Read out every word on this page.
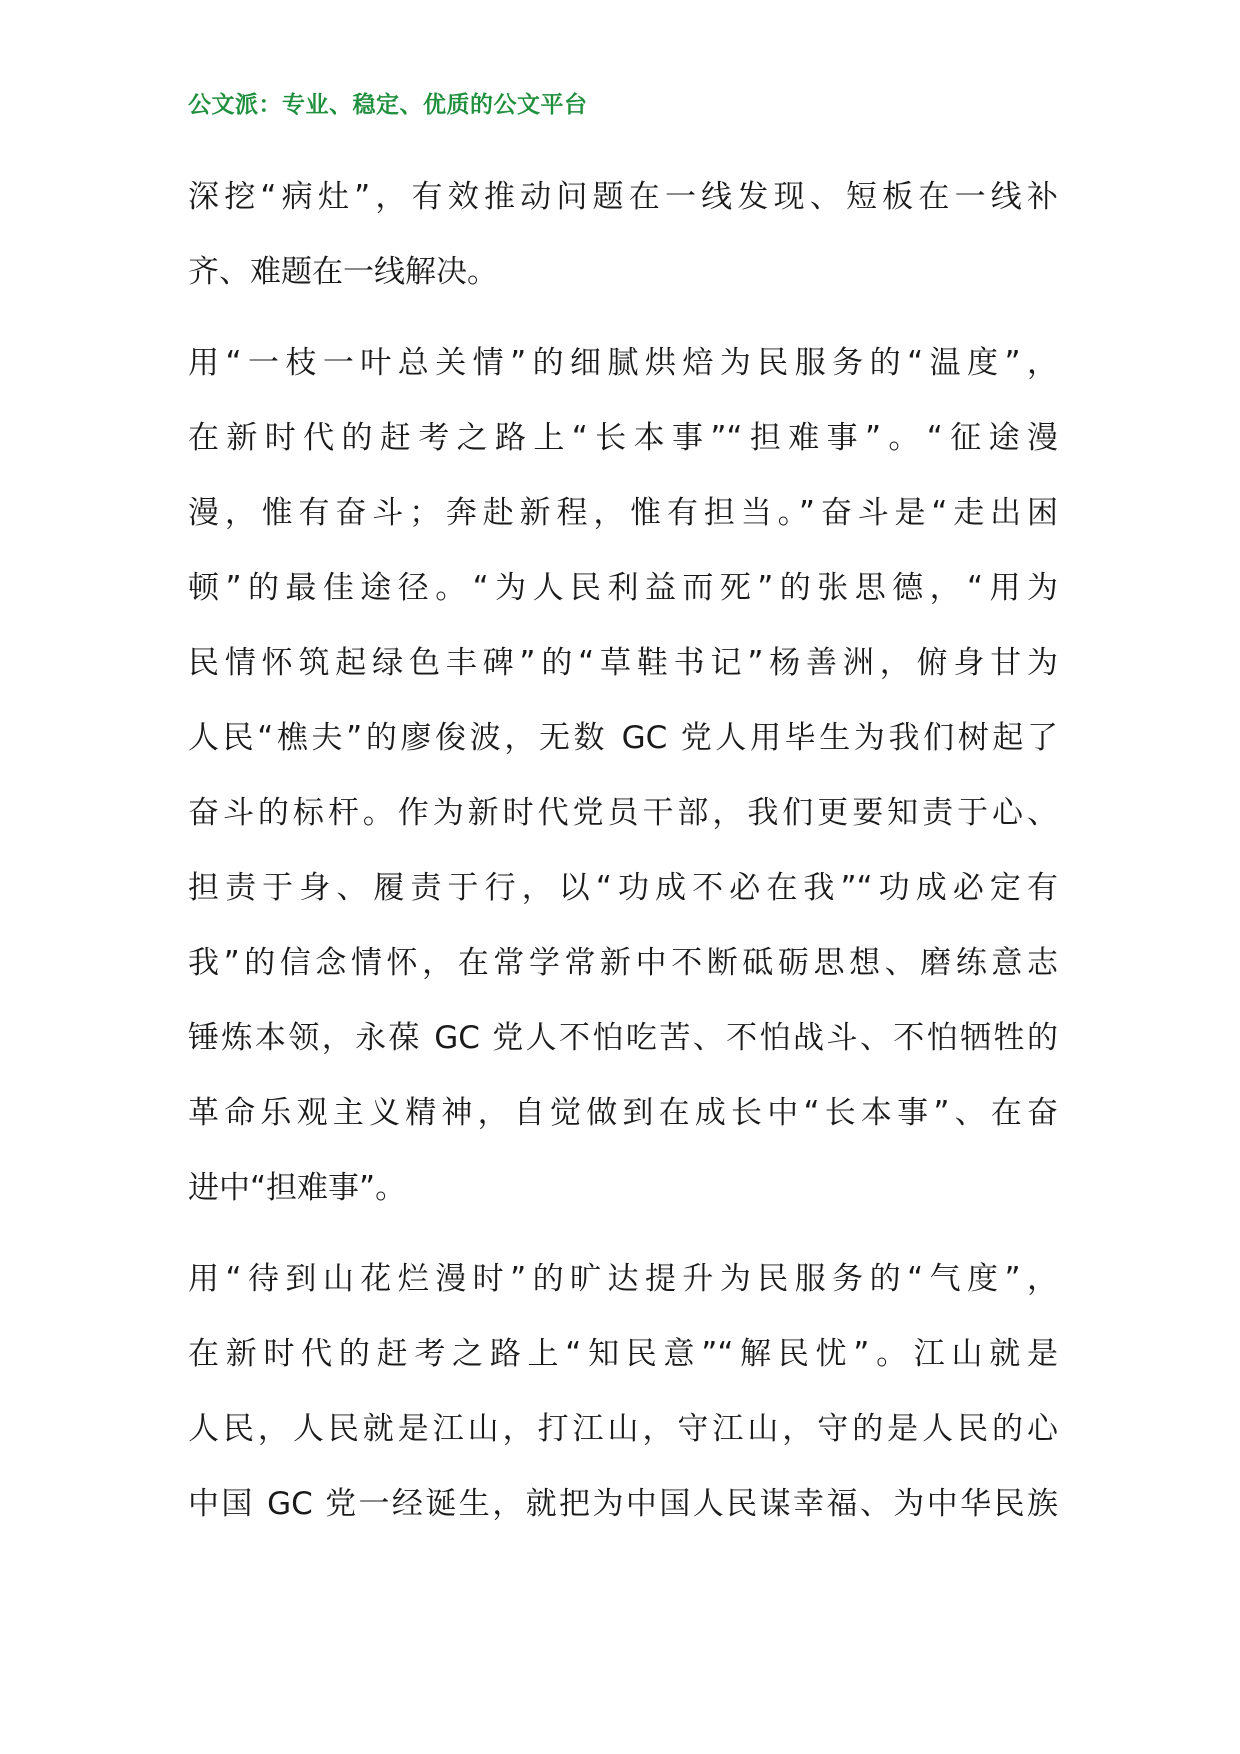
公文派：专业、稳定、优质的公文平台
深挖“病灶”，有效推动问题在一线发现、短板在一线补
齐、难题在一线解决。
用“一枝一叶总关情”的细腻烘焙为民服务的“温度”，
在新时代的赶考之路上“长本事”“担难事”。“征途漫
漫，惟有奋斗；奔赴新程，惟有担当。”奋斗是“走出困
顿”的最佳途径。“为人民利益而死”的张思德，“用为
民情怀筑起绿色丰碑”的“草鞋书记”杨善洲，俯身甘为
人民“樵夫”的廖俊波，无数 GC 党人用毕生为我们树起了
奋斗的标杆。作为新时代党员干部，我们更要知责于心、
担责于身、履责于行，以“功成不必在我”“功成必定有
我”的信念情怀，在常学常新中不断砥砺思想、磨练意志
锤炼本领，永葆 GC 党人不怕吃苦、不怕战斗、不怕牺牲的
革命乐观主义精神，自觉做到在成长中“长本事”、在奋
进中“担难事”。
用“待到山花烂漫时”的旷达提升为民服务的“气度”，
在新时代的赶考之路上“知民意”“解民忧”。江山就是
人民，人民就是江山，打江山，守江山，守的是人民的心
中国 GC 党一经诞生，就把为中国人民谋幸福、为中华民族
